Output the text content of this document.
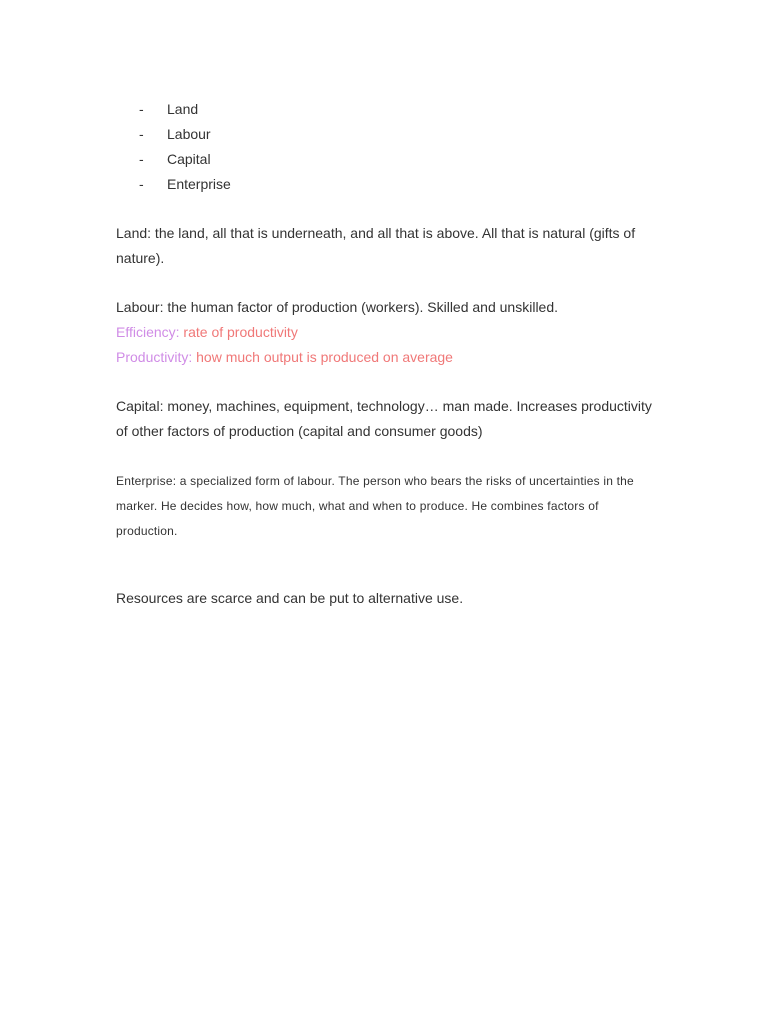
- Land
- Labour
- Capital
- Enterprise

Land: the land, all that is underneath, and all that is above. All that is natural (gifts of nature).

Labour: the human factor of production (workers). Skilled and unskilled.
Efficiency: rate of productivity
Productivity: how much output is produced on average

Capital: money, machines, equipment, technology… man made. Increases productivity of other factors of production (capital and consumer goods)

Enterprise: a specialized form of labour. The person who bears the risks of uncertainties in the marker. He decides how, how much, what and when to produce. He combines factors of production.

Resources are scarce and can be put to alternative use.
